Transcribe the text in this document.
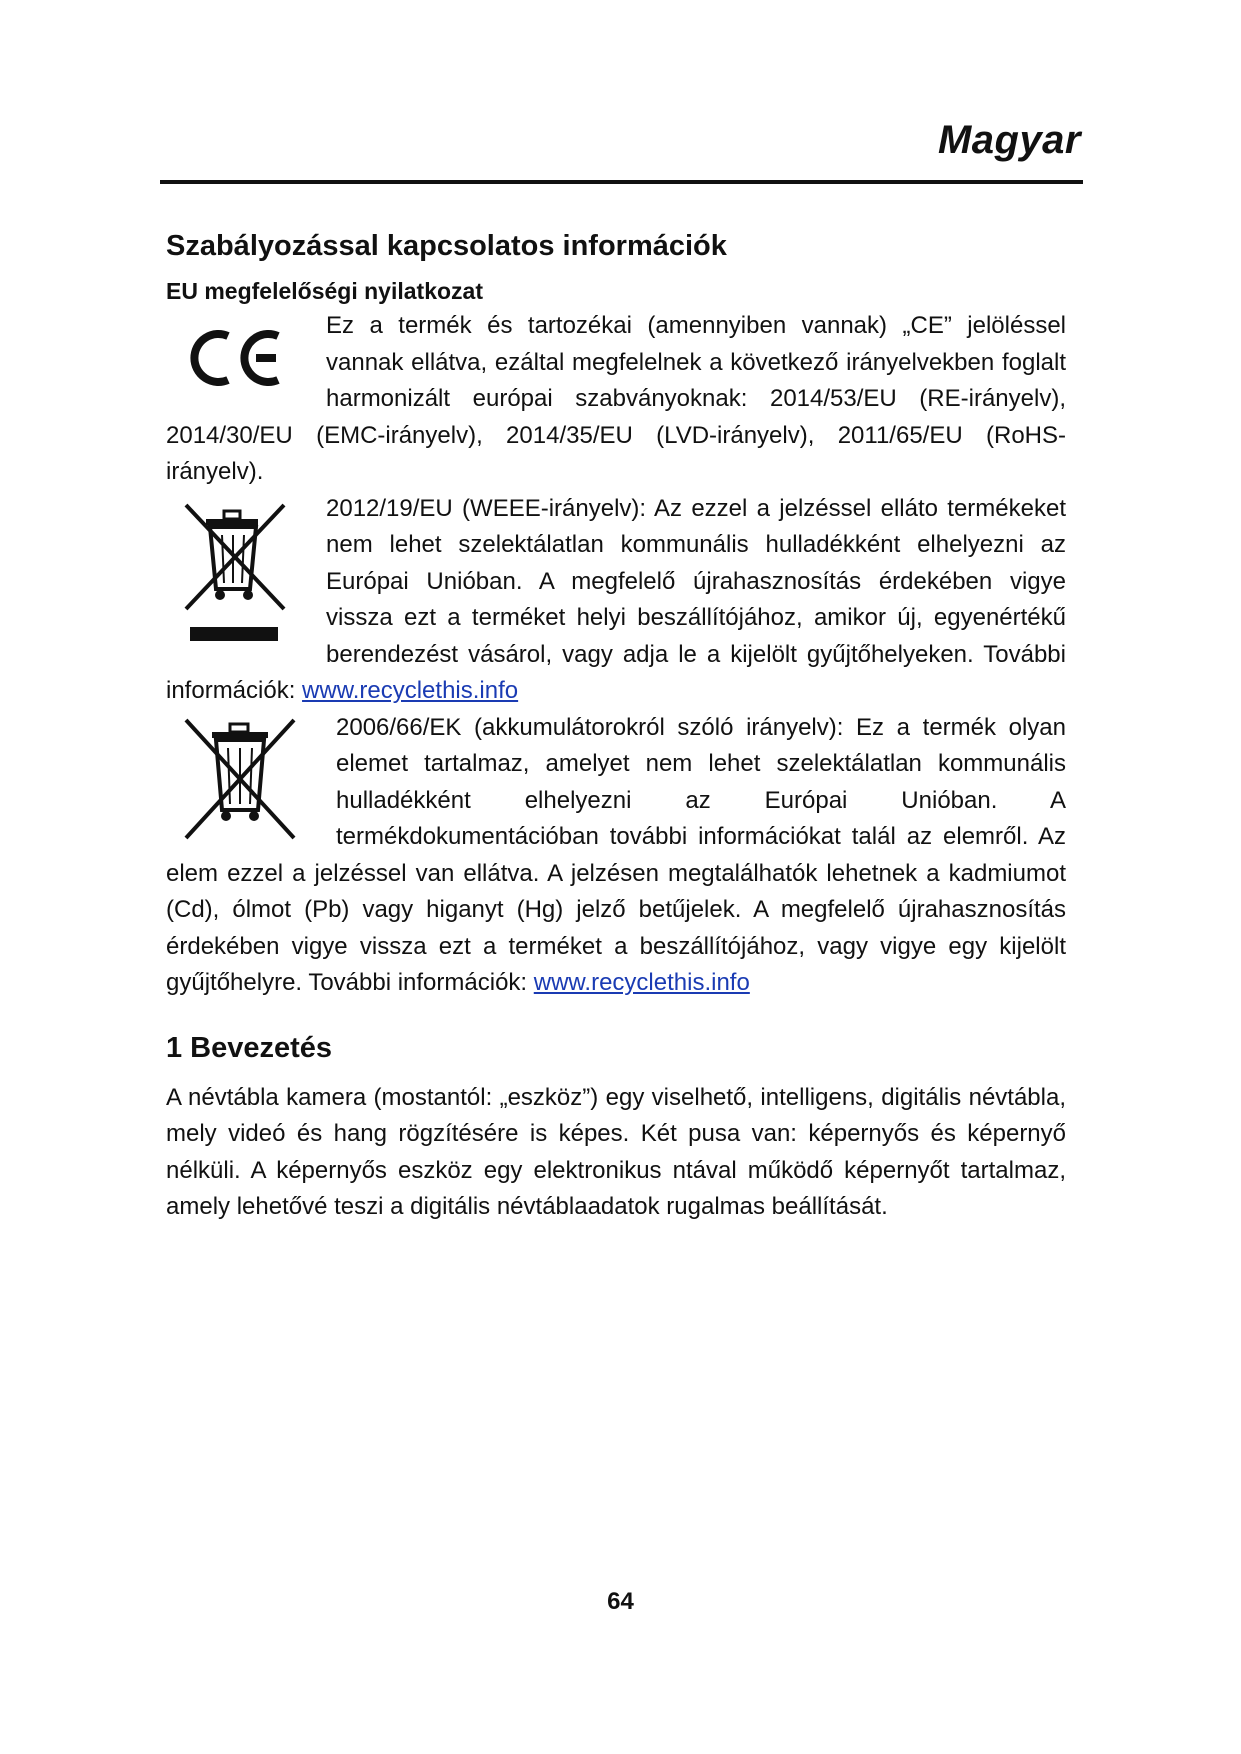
Magyar
Szabályozással kapcsolatos információk
EU megfelelőségi nyilatkozat

Ez a termék és tartozékai (amennyiben vannak) „CE” jelöléssel vannak ellátva, ezáltal megfelelnek a következő irányelvekben foglalt harmonizált európai szabványoknak: 2014/53/EU (RE-irányelv), 2014/30/EU (EMC-irányelv), 2014/35/EU (LVD-irányelv), 2011/65/EU (RoHS-irányelv).

2012/19/EU (WEEE-irányelv): Az ezzel a jelzéssel ellát‍o termékeket nem lehet szelektálatlan kommunális hulladékként elhelyezni az Európai Unióban. A megfelelő újrahasznosítás érdekében vigye vissza ezt a terméket helyi beszállítójához, amikor új, egyenértékű berendezést vásárol, vagy adja le a kijelölt gyűjtőhelyeken. További információk: www.recyclethis.info

2006/66/EK (akkumulátorokról szóló irányelv): Ez a termék olyan elemet tartalmaz, amelyet nem lehet szelektálatlan kommunális hulladékként elhelyezni az Európai Unióban. A termékdokumentációban további információkat talál az elemről. Az elem ezzel a jelzéssel van ellátva. A jelzésen megtalálhatók lehetnek a kadmiumot (Cd), ólmot (Pb) vagy higanyt (Hg) jelző betűjelek. A megfelelő újrahasznosítás érdekében vigye vissza ezt a terméket a beszállítójához, vagy vigye egy kijelölt gyűjtőhelyre. További információk: www.recyclethis.info

1 Bevezetés

A névtábla kamera (mostantól: „eszköz”) egy viselhető, intelligens, digitális névtábla, mely videó és hang rögzítésére is képes. Két pusa van: képernyős és képernyő nélküli. A képernyős eszköz egy elektronikus ntával működő képernyőt tartalmaz, amely lehetővé teszi a digitális névtáblaadatok rugalmas beállítását.

64
